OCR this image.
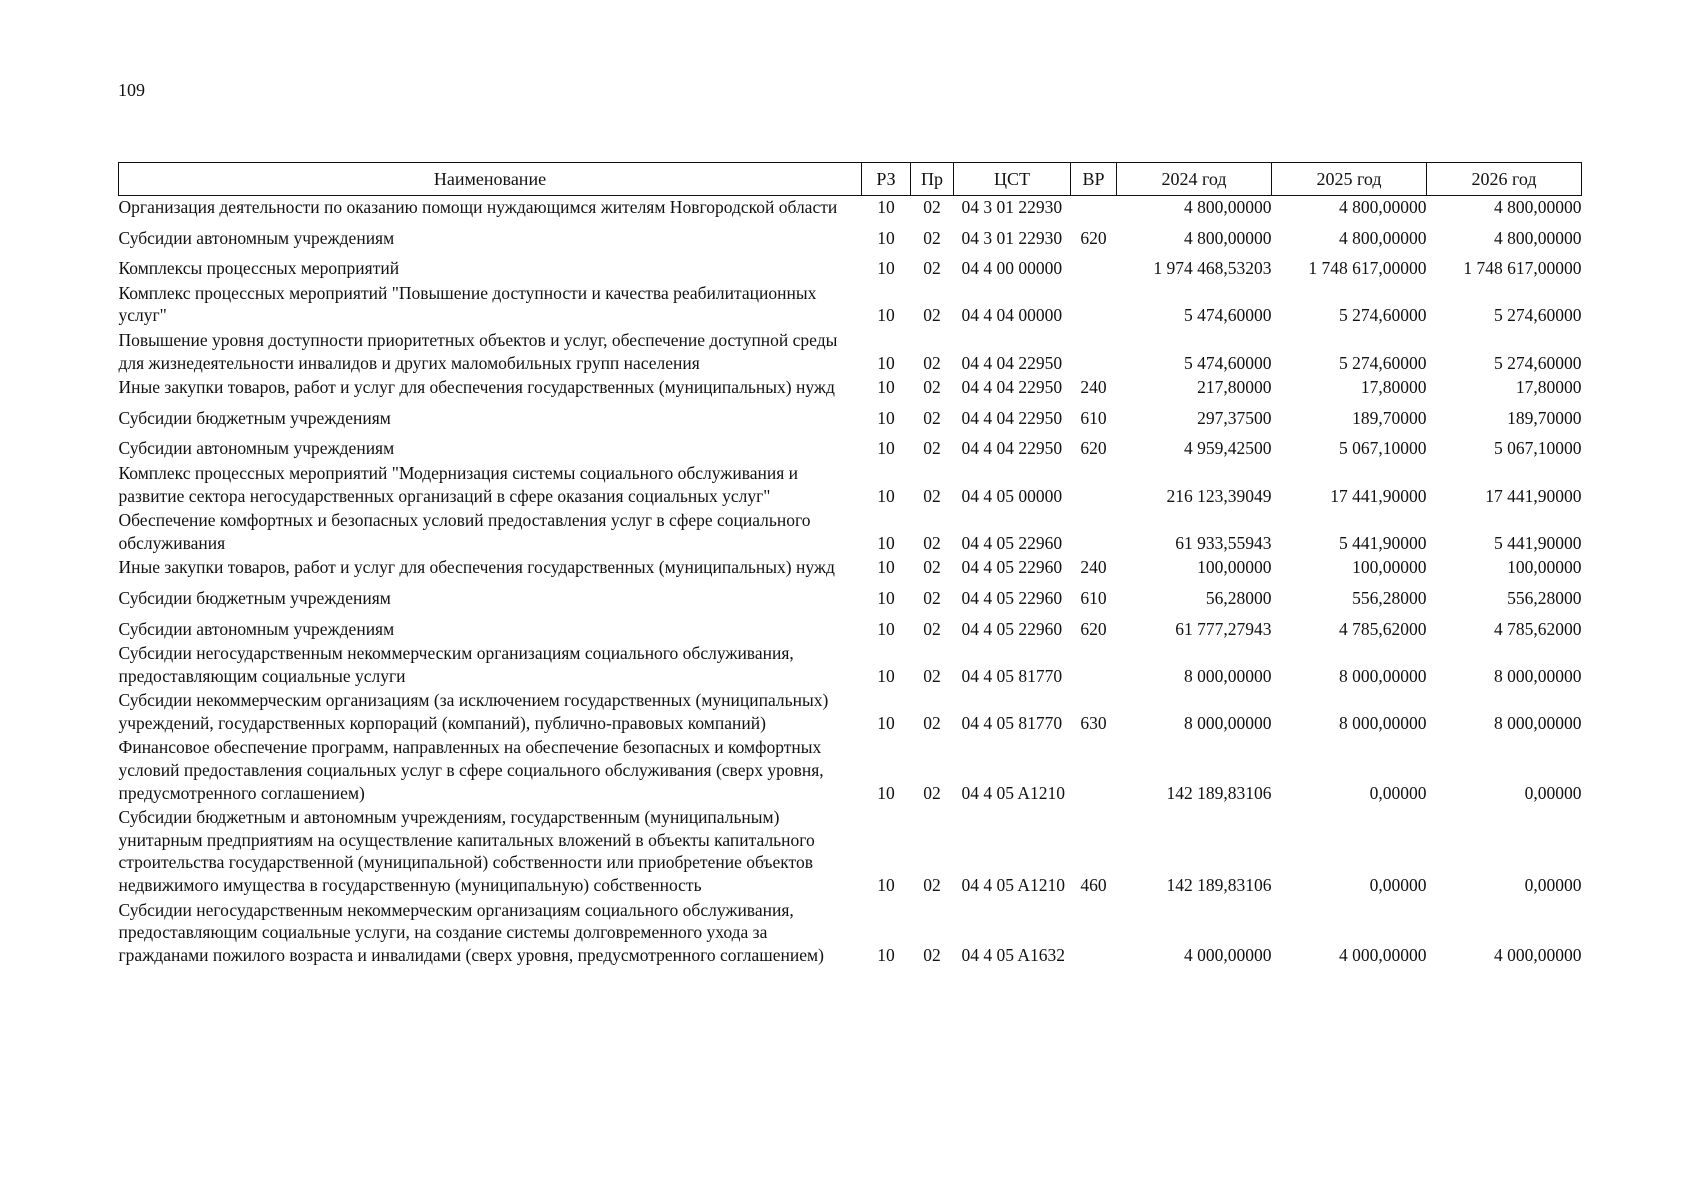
109
Наименование	РЗ	Пр	ЦСТ	ВР	2024 год	2025 год	2026 год
Организация деятельности по оказанию помощи нуждающимся жителям Новгородской области	10	02	04 3 01 22930		4 800,00000	4 800,00000	4 800,00000
Субсидии автономным учреждениям	10	02	04 3 01 22930	620	4 800,00000	4 800,00000	4 800,00000
Комплексы процессных мероприятий	10	02	04 4 00 00000		1 974 468,53203	1 748 617,00000	1 748 617,00000
Комплекс процессных мероприятий "Повышение доступности и качества реабилитационных услуг"	10	02	04 4 04 00000		5 474,60000	5 274,60000	5 274,60000
Повышение уровня доступности приоритетных объектов и услуг, обеспечение доступной среды для жизнедеятельности инвалидов и других маломобильных групп населения	10	02	04 4 04 22950		5 474,60000	5 274,60000	5 274,60000
Иные закупки товаров, работ и услуг для обеспечения государственных (муниципальных) нужд	10	02	04 4 04 22950	240	217,80000	17,80000	17,80000
Субсидии бюджетным учреждениям	10	02	04 4 04 22950	610	297,37500	189,70000	189,70000
Субсидии автономным учреждениям	10	02	04 4 04 22950	620	4 959,42500	5 067,10000	5 067,10000
Комплекс процессных мероприятий "Модернизация системы социального обслуживания и развитие сектора негосударственных организаций в сфере оказания социальных услуг"	10	02	04 4 05 00000		216 123,39049	17 441,90000	17 441,90000
Обеспечение комфортных и безопасных условий предоставления услуг в сфере социального обслуживания	10	02	04 4 05 22960		61 933,55943	5 441,90000	5 441,90000
Иные закупки товаров, работ и услуг для обеспечения государственных (муниципальных) нужд	10	02	04 4 05 22960	240	100,00000	100,00000	100,00000
Субсидии бюджетным учреждениям	10	02	04 4 05 22960	610	56,28000	556,28000	556,28000
Субсидии автономным учреждениям	10	02	04 4 05 22960	620	61 777,27943	4 785,62000	4 785,62000
Субсидии негосударственным некоммерческим организациям социального обслуживания, предоставляющим социальные услуги	10	02	04 4 05 81770		8 000,00000	8 000,00000	8 000,00000
Субсидии некоммерческим организациям (за исключением государственных (муниципальных) учреждений, государственных корпораций (компаний), публично-правовых компаний)	10	02	04 4 05 81770	630	8 000,00000	8 000,00000	8 000,00000
Финансовое обеспечение программ, направленных на обеспечение безопасных и комфортных условий предоставления социальных услуг в сфере социального обслуживания (сверх уровня, предусмотренного соглашением)	10	02	04 4 05 A1210		142 189,83106	0,00000	0,00000
Субсидии бюджетным и автономным учреждениям, государственным (муниципальным) унитарным предприятиям на осуществление капитальных вложений в объекты капитального строительства государственной (муниципальной) собственности или приобретение объектов недвижимого имущества в государственную (муниципальную) собственность	10	02	04 4 05 A1210	460	142 189,83106	0,00000	0,00000
Субсидии негосударственным некоммерческим организациям социального обслуживания, предоставляющим социальные услуги, на создание системы долговременного ухода за гражданами пожилого возраста и инвалидами (сверх уровня, предусмотренного соглашением)	10	02	04 4 05 A1632		4 000,00000	4 000,00000	4 000,00000
